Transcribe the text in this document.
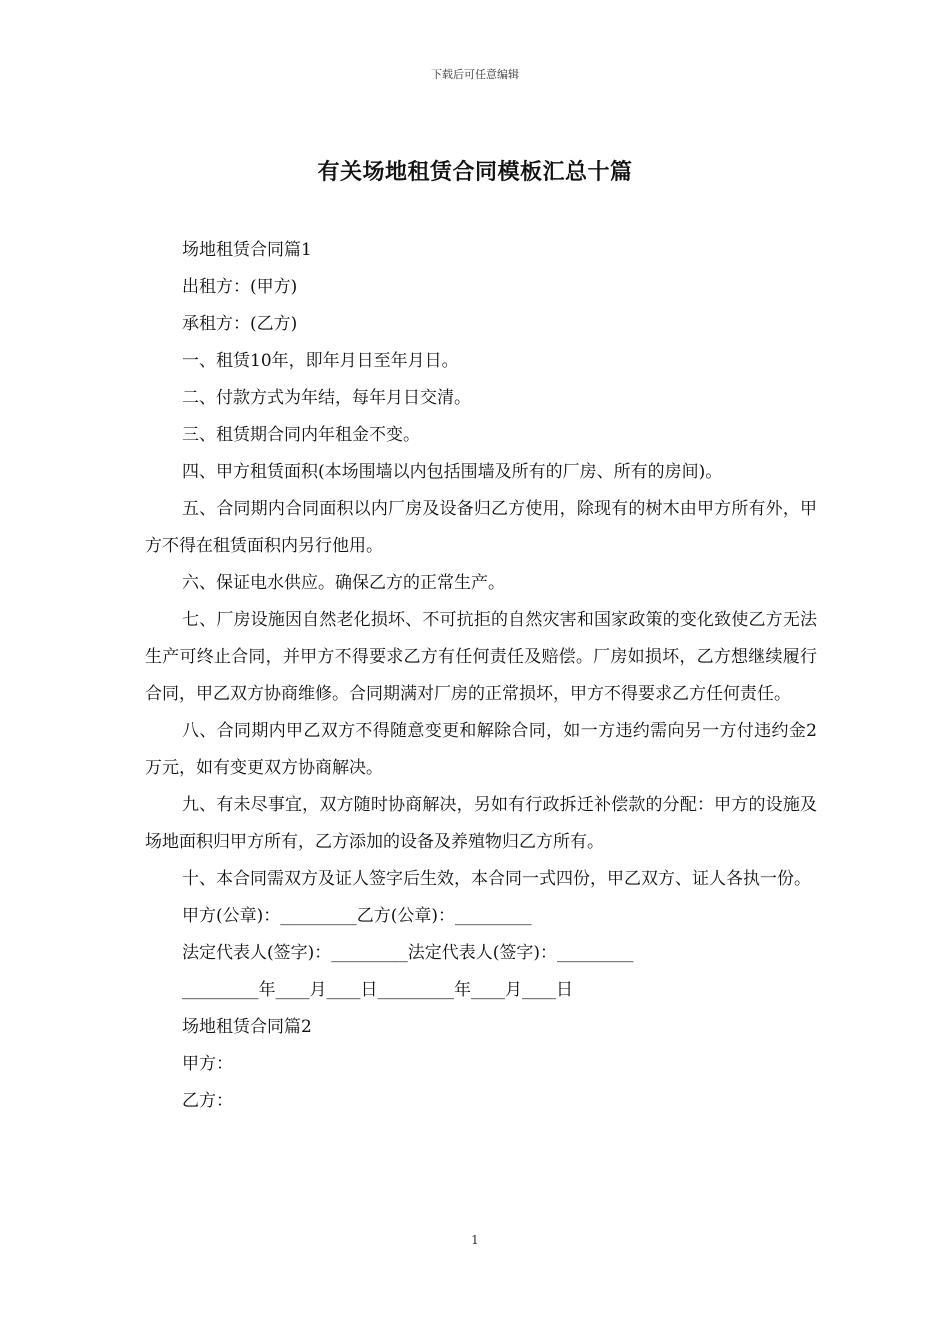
下载后可任意编辑
有关场地租赁合同模板汇总十篇

场地租赁合同篇1

出租方：(甲方)

承租方：(乙方)

一、租赁10年，即年月日至年月日。

二、付款方式为年结，每年月日交清。

三、租赁期合同内年租金不变。

四、甲方租赁面积(本场围墙以内包括围墙及所有的厂房、所有的房间)。

五、合同期内合同面积以内厂房及设备归乙方使用，除现有的树木由甲方所有外，甲方不得在租赁面积内另行他用。

六、保证电水供应。确保乙方的正常生产。

七、厂房设施因自然老化损坏、不可抗拒的自然灾害和国家政策的变化致使乙方无法生产可终止合同，并甲方不得要求乙方有任何责任及赔偿。厂房如损坏，乙方想继续履行合同，甲乙双方协商维修。合同期满对厂房的正常损坏，甲方不得要求乙方任何责任。

八、合同期内甲乙双方不得随意变更和解除合同，如一方违约需向另一方付违约金2万元，如有变更双方协商解决。

九、有未尽事宜，双方随时协商解决，另如有行政拆迁补偿款的分配：甲方的设施及场地面积归甲方所有，乙方添加的设备及养殖物归乙方所有。

十、本合同需双方及证人签字后生效，本合同一式四份，甲乙双方、证人各执一份。

甲方(公章)：_________乙方(公章)：_________

法定代表人(签字)：_________法定代表人(签字)：_________

_________年____月____日_________年____月____日

场地租赁合同篇2

甲方：

乙方：

1
